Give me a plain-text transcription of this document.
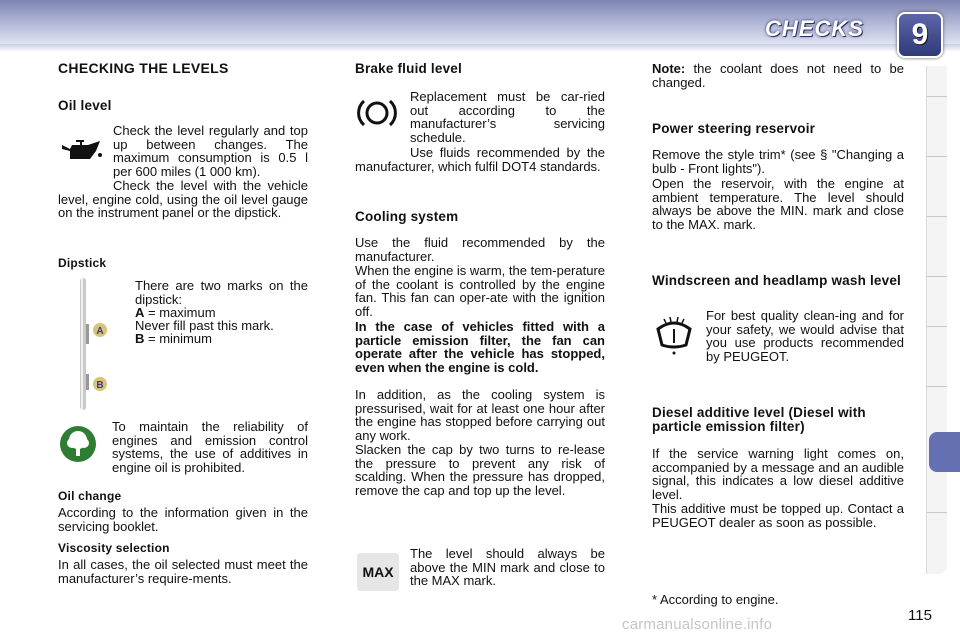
CHECKS	9
CHECKING THE LEVELS
Oil level

Check the level regularly and top up between changes. The maximum consumption is 0.5 l per 600 miles (1 000 km).

Check the level with the vehicle level, engine cold, using the oil level gauge on the instrument panel or the dipstick.

Dipstick
A
B

There are two marks on the dipstick:

A = maximum
Never fill past this mark.
B = minimum

To maintain the reliability of engines and emission control systems, the use of additives in engine oil is prohibited.

Oil change

According to the information given in the servicing booklet.

Viscosity selection

In all cases, the oil selected must meet the manufacturer’s require-ments.

Brake fluid level

Replacement must be car-ried out according to the manufacturer’s servicing schedule.

Use fluids recommended by the manufacturer, which fulfil DOT4 standards.

Cooling system

Use the fluid recommended by the manufacturer.

When the engine is warm, the tem-perature of the coolant is controlled by the engine fan. This fan can oper-ate with the ignition off.

In the case of vehicles fitted with a particle emission filter, the fan can operate after the vehicle has stopped, even when the engine is cold.

In addition, as the cooling system is pressurised, wait for at least one hour after the engine has stopped before carrying out any work.

Slacken the cap by two turns to re-lease the pressure to prevent any risk of scalding. When the pressure has dropped, remove the cap and top up the level.

MAX

The level should always be above the MIN mark and close to the MAX mark.

Note: the coolant does not need to be changed.
Power steering reservoir

Remove the style trim* (see § "Changing a bulb - Front lights").

Open the reservoir, with the engine at ambient temperature. The level should always be above the MIN. mark and close to the MAX. mark.

Windscreen and headlamp wash level

For best quality clean-ing and for your safety, we would advise that you use products recommended by PEUGEOT.

Diesel additive level (Diesel with particle emission filter)

If the service warning light comes on, accompanied by a message and an audible signal, this indicates a low diesel additive level.

This additive must be topped up. Contact a PEUGEOT dealer as soon as possible.

* According to engine.
115
carmanualsonline.info
